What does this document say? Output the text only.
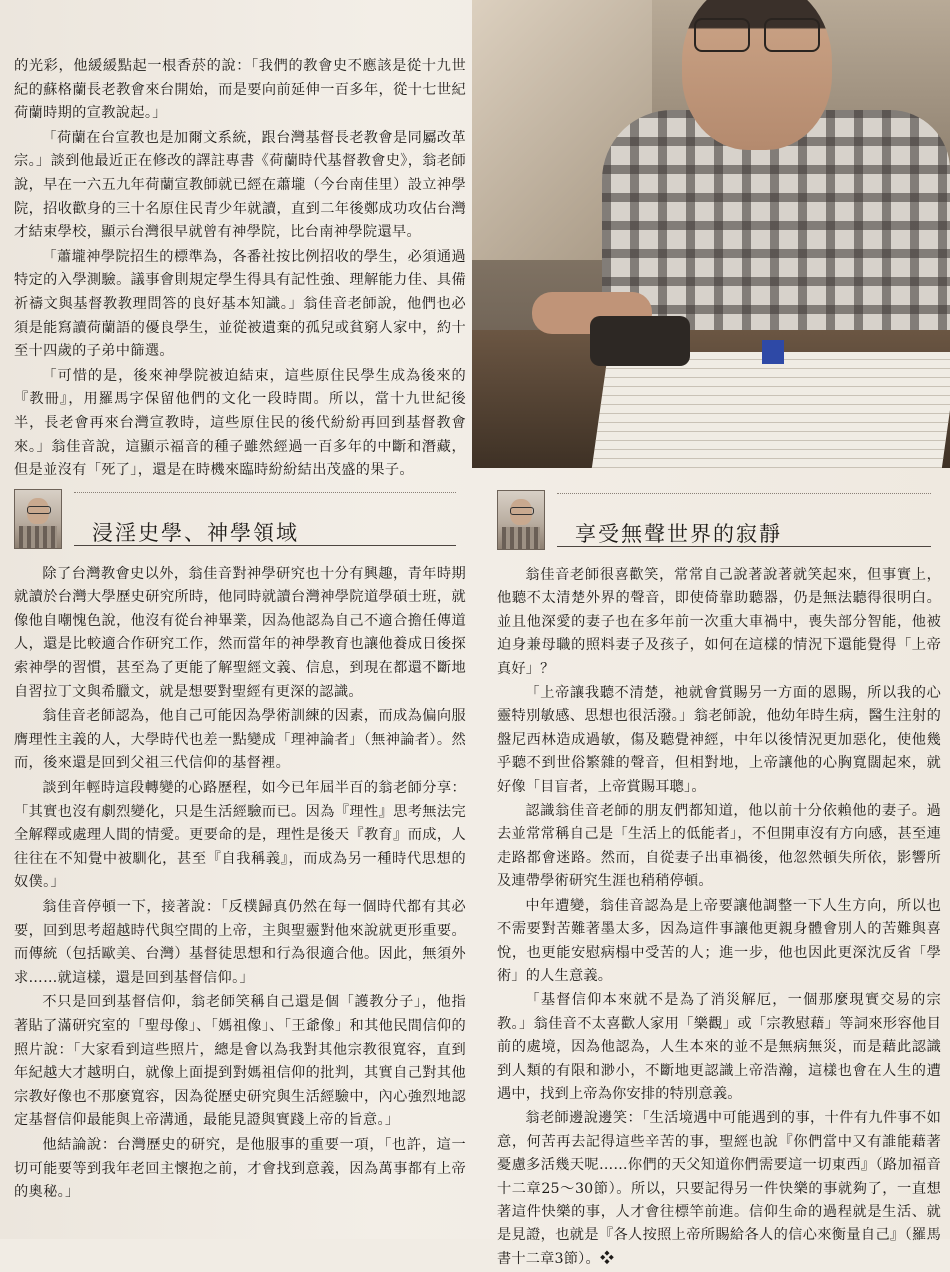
的光彩，他緩緩點起一根香菸的說：「我們的教會史不應該是從十九世紀的蘇格蘭長老教會來台開始，而是要向前延伸一百多年，從十七世紀荷蘭時期的宣教說起。」

「荷蘭在台宣教也是加爾文系統，跟台灣基督長老教會是同屬改革宗。」談到他最近正在修改的譯註專書《荷蘭時代基督教會史》，翁老師說，早在一六五九年荷蘭宣教師就已經在蕭壠（今台南佳里）設立神學院，招收歡身的三十名原住民青少年就讀，直到二年後鄭成功攻佔台灣才結束學校，顯示台灣很早就曾有神學院，比台南神學院還早。

「蕭壠神學院招生的標準為，各番社按比例招收的學生，必須通過特定的入學測驗。議事會則規定學生得具有記性強、理解能力佳、具備祈禱文與基督教教理問答的良好基本知識。」翁佳音老師說，他們也必須是能寫讀荷蘭語的優良學生，並從被遺棄的孤兒或貧窮人家中，約十至十四歲的子弟中篩選。

「可惜的是，後來神學院被迫結束，這些原住民學生成為後來的『教冊』，用羅馬字保留他們的文化一段時間。所以，當十九世紀後半，長老會再來台灣宣教時，這些原住民的後代紛紛再回到基督教會來。」翁佳音說，這顯示福音的種子雖然經過一百多年的中斷和潛藏，但是並沒有「死了」，還是在時機來臨時紛紛結出茂盛的果子。

浸淫史學、神學領域

除了台灣教會史以外，翁佳音對神學研究也十分有興趣，青年時期就讀於台灣大學歷史研究所時，他同時就讀台灣神學院道學碩士班，就像他自嘲愧色說，他沒有從台神畢業，因為他認為自己不適合擔任傳道人，還是比較適合作研究工作，然而當年的神學教育也讓他養成日後探索神學的習慣，甚至為了更能了解聖經文義、信息，到現在都還不斷地自習拉丁文與希臘文，就是想要對聖經有更深的認識。

翁佳音老師認為，他自己可能因為學術訓練的因素，而成為偏向服膺理性主義的人，大學時代也差一點變成「理神論者」（無神論者）。然而，後來還是回到父祖三代信仰的基督裡。

談到年輕時這段轉變的心路歷程，如今已年屆半百的翁老師分享：「其實也沒有劇烈變化，只是生活經驗而已。因為『理性』思考無法完全解釋或處理人間的情愛。更要命的是，理性是後天『教育』而成，人往往在不知覺中被馴化，甚至『自我稱義』，而成為另一種時代思想的奴僕。」

翁佳音停頓一下，接著說：「反樸歸真仍然在每一個時代都有其必要，回到思考超越時代與空間的上帝，主與聖靈對他來說就更形重要。而傳統（包括歐美、台灣）基督徒思想和行為很適合他。因此，無須外求……就這樣，還是回到基督信仰。」

不只是回到基督信仰，翁老師笑稱自己還是個「護教分子」，他指著貼了滿研究室的「聖母像」、「媽祖像」、「王爺像」和其他民間信仰的照片說：「大家看到這些照片，總是會以為我對其他宗教很寬容，直到年紀越大才越明白，就像上面提到對媽祖信仰的批判，其實自己對其他宗教好像也不那麼寬容，因為從歷史研究與生活經驗中，內心強烈地認定基督信仰最能與上帝溝通，最能見證與實踐上帝的旨意。」

他結論說：台灣歷史的研究，是他服事的重要一項，「也許，這一切可能要等到我年老回主懷抱之前，才會找到意義，因為萬事都有上帝的奧秘。」

享受無聲世界的寂靜

翁佳音老師很喜歡笑，常常自己說著說著就笑起來，但事實上，他聽不太清楚外界的聲音，即使倚靠助聽器，仍是無法聽得很明白。並且他深愛的妻子也在多年前一次重大車禍中，喪失部分智能，他被迫身兼母職的照料妻子及孩子，如何在這樣的情況下還能覺得「上帝真好」？

「上帝讓我聽不清楚，祂就會賞賜另一方面的恩賜，所以我的心靈特別敏感、思想也很活潑。」翁老師說，他幼年時生病，醫生注射的盤尼西林造成過敏，傷及聽覺神經，中年以後情況更加惡化，使他幾乎聽不到世俗繁雜的聲音，但相對地，上帝讓他的心胸寬闊起來，就好像「目盲者，上帝賞賜耳聰」。

認識翁佳音老師的朋友們都知道，他以前十分依賴他的妻子。過去並常常稱自己是「生活上的低能者」，不但開車沒有方向感，甚至連走路都會迷路。然而，自從妻子出車禍後，他忽然頓失所依，影響所及連帶學術研究生涯也稍稍停頓。

中年遭變，翁佳音認為是上帝要讓他調整一下人生方向，所以也不需要對苦難著墨太多，因為這件事讓他更親身體會別人的苦難與喜悅，也更能安慰病榻中受苦的人；進一步，他也因此更深沈反省「學術」的人生意義。

「基督信仰本來就不是為了消災解厄，一個那麼現實交易的宗教。」翁佳音不太喜歡人家用「樂觀」或「宗教慰藉」等詞來形容他目前的處境，因為他認為，人生本來的並不是無病無災，而是藉此認識到人類的有限和渺小，不斷地更認識上帝浩瀚，這樣也會在人生的遭遇中，找到上帝為你安排的特別意義。

翁老師邊說邊笑：「生活境遇中可能遇到的事，十件有九件事不如意，何苦再去記得這些辛苦的事，聖經也說『你們當中又有誰能藉著憂慮多活幾天呢……你們的天父知道你們需要這一切東西』（路加福音十二章25～30節）。所以，只要記得另一件快樂的事就夠了，一直想著這件快樂的事，人才會往標竿前進。信仰生命的過程就是生活、就是見證，也就是『各人按照上帝所賜給各人的信心來衡量自己』（羅馬書十二章3節）。❖
